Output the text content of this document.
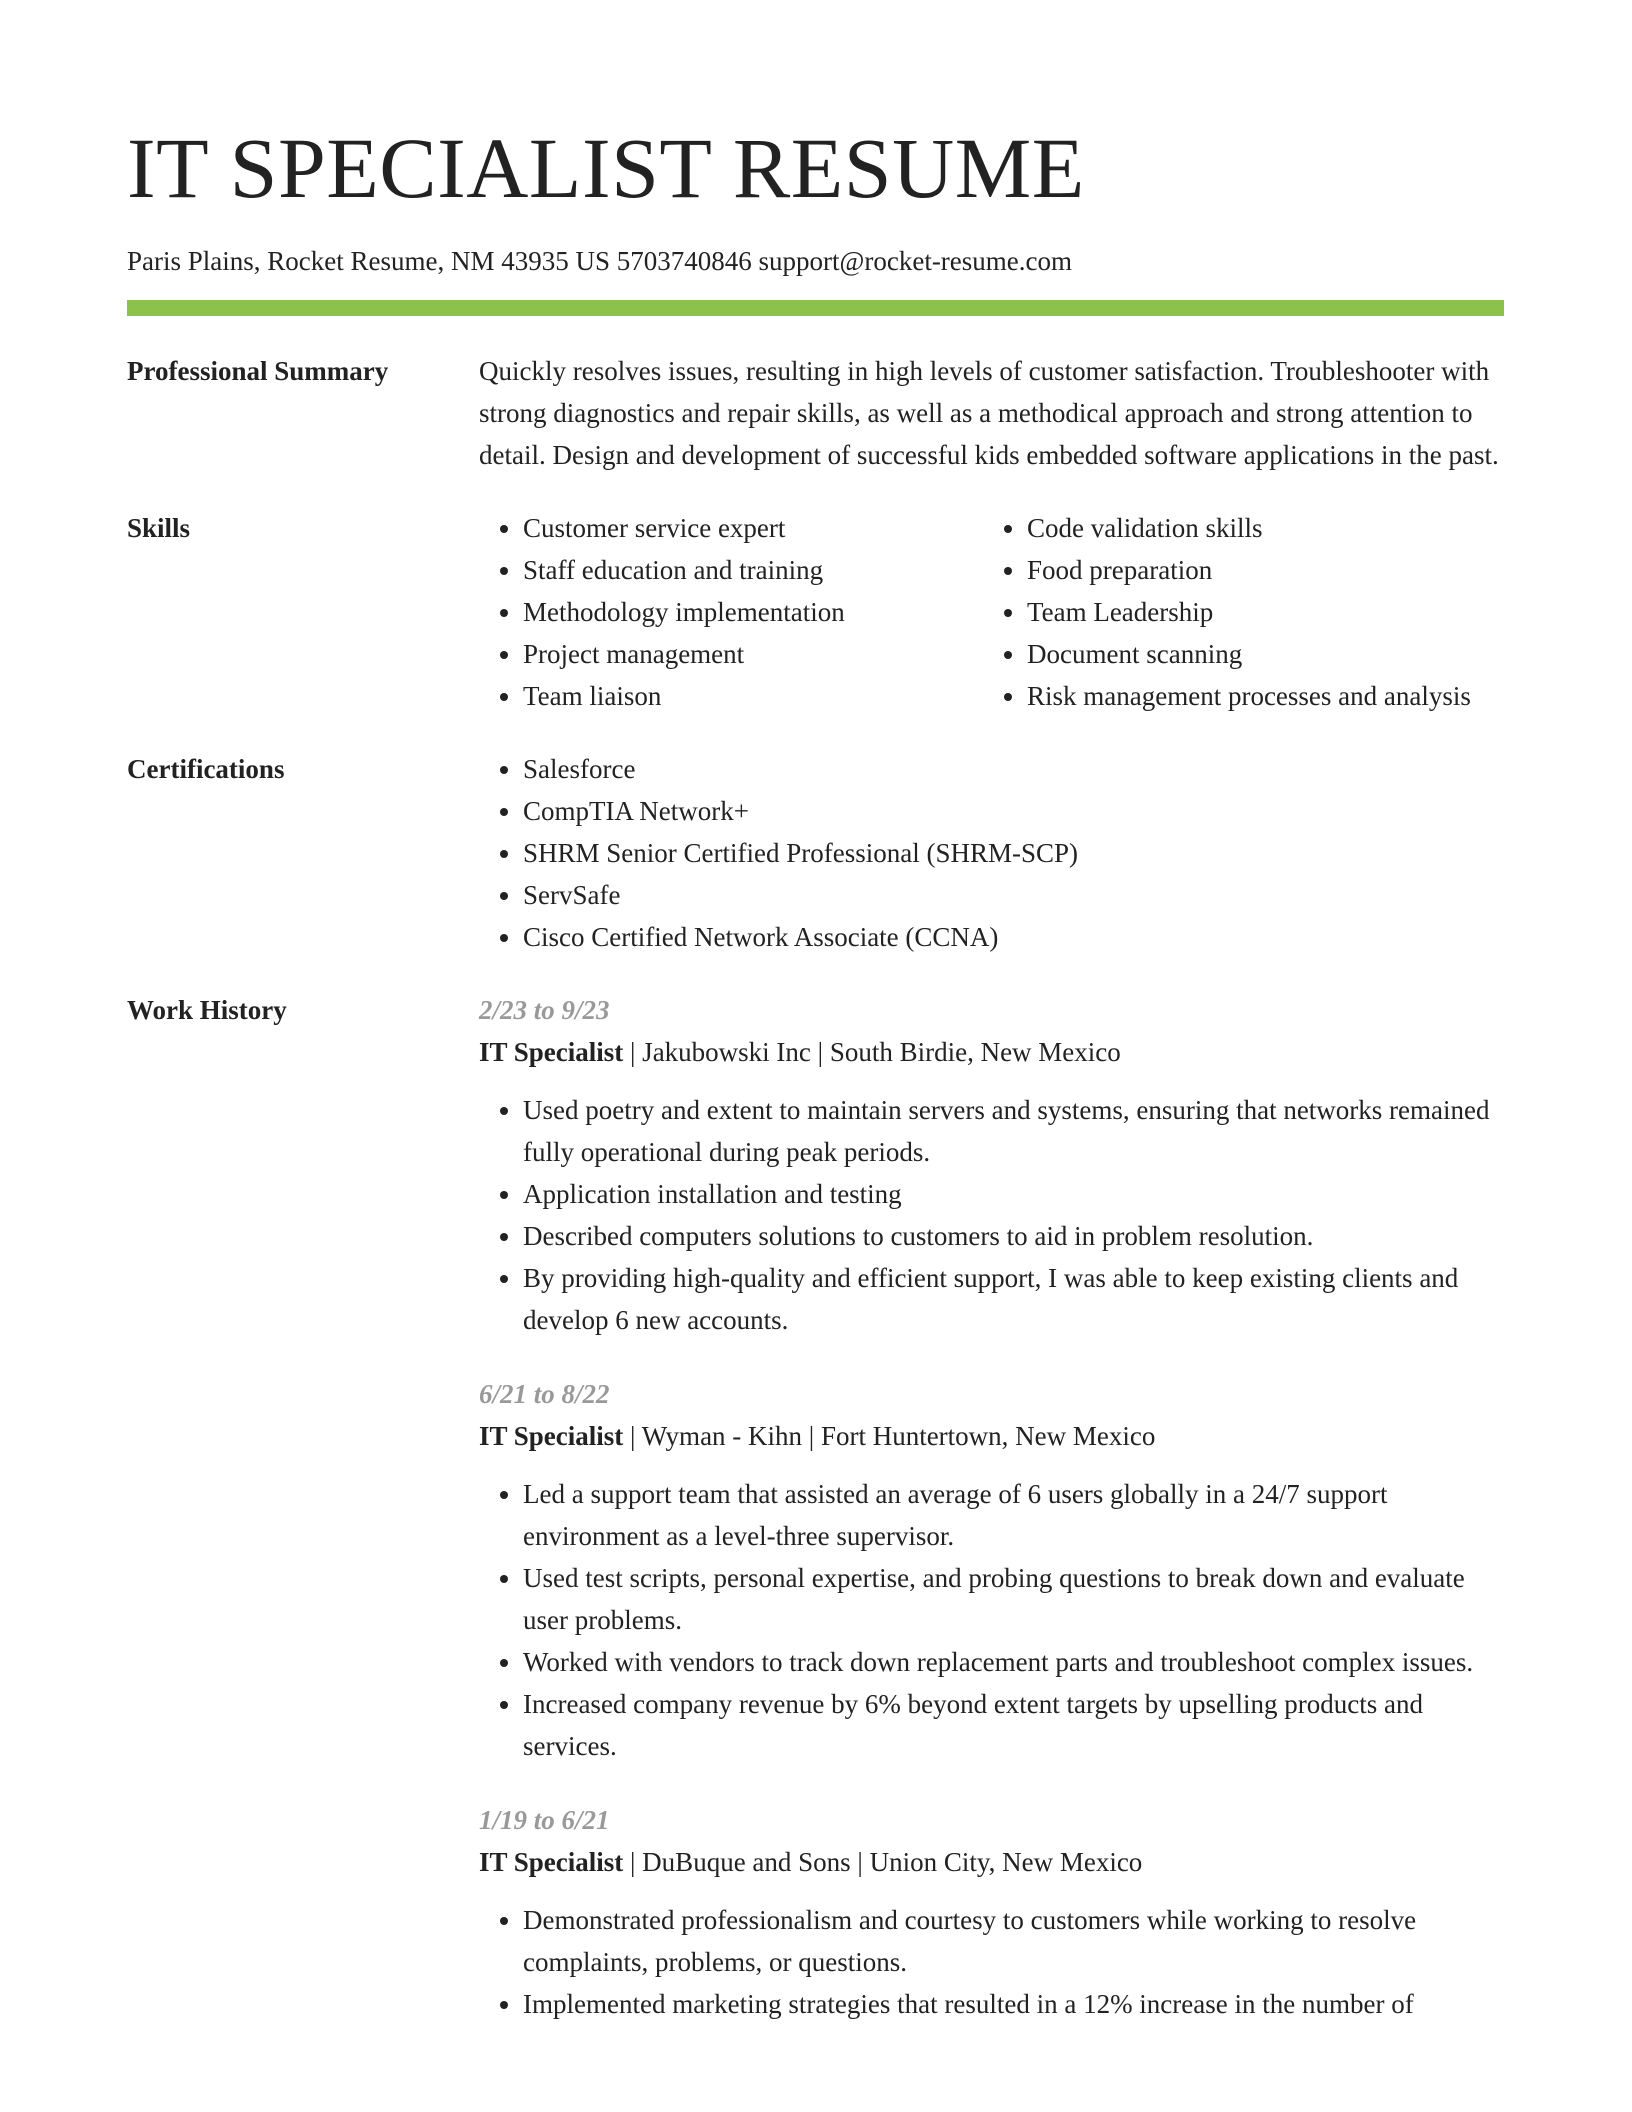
IT SPECIALIST RESUME
Paris Plains, Rocket Resume, NM 43935 US 5703740846 support@rocket-resume.com
Professional Summary	Quickly resolves issues, resulting in high levels of customer satisfaction. Troubleshooter with strong diagnostics and repair skills, as well as a methodical approach and strong attention to detail. Design and development of successful kids embedded software applications in the past.

Skills	• Customer service expert
• Staff education and training
• Methodology implementation
• Project management
• Team liaison
• Code validation skills
• Food preparation
• Team Leadership
• Document scanning
• Risk management processes and analysis
Certifications	• Salesforce
• CompTIA Network+
• SHRM Senior Certified Professional (SHRM-SCP)
• ServSafe
• Cisco Certified Network Associate (CCNA)
Work History	2/23 to 9/23
IT Specialist | Jakubowski Inc | South Birdie, New Mexico
• Used poetry and extent to maintain servers and systems, ensuring that networks remained fully operational during peak periods.
• Application installation and testing
• Described computers solutions to customers to aid in problem resolution.
• By providing high-quality and efficient support, I was able to keep existing clients and develop 6 new accounts.
6/21 to 8/22
IT Specialist | Wyman - Kihn | Fort Huntertown, New Mexico
• Led a support team that assisted an average of 6 users globally in a 24/7 support environment as a level-three supervisor.
• Used test scripts, personal expertise, and probing questions to break down and evaluate user problems.
• Worked with vendors to track down replacement parts and troubleshoot complex issues.
• Increased company revenue by 6% beyond extent targets by upselling products and services.
1/19 to 6/21
IT Specialist | DuBuque and Sons | Union City, New Mexico
• Demonstrated professionalism and courtesy to customers while working to resolve complaints, problems, or questions.
• Implemented marketing strategies that resulted in a 12% increase in the number of
